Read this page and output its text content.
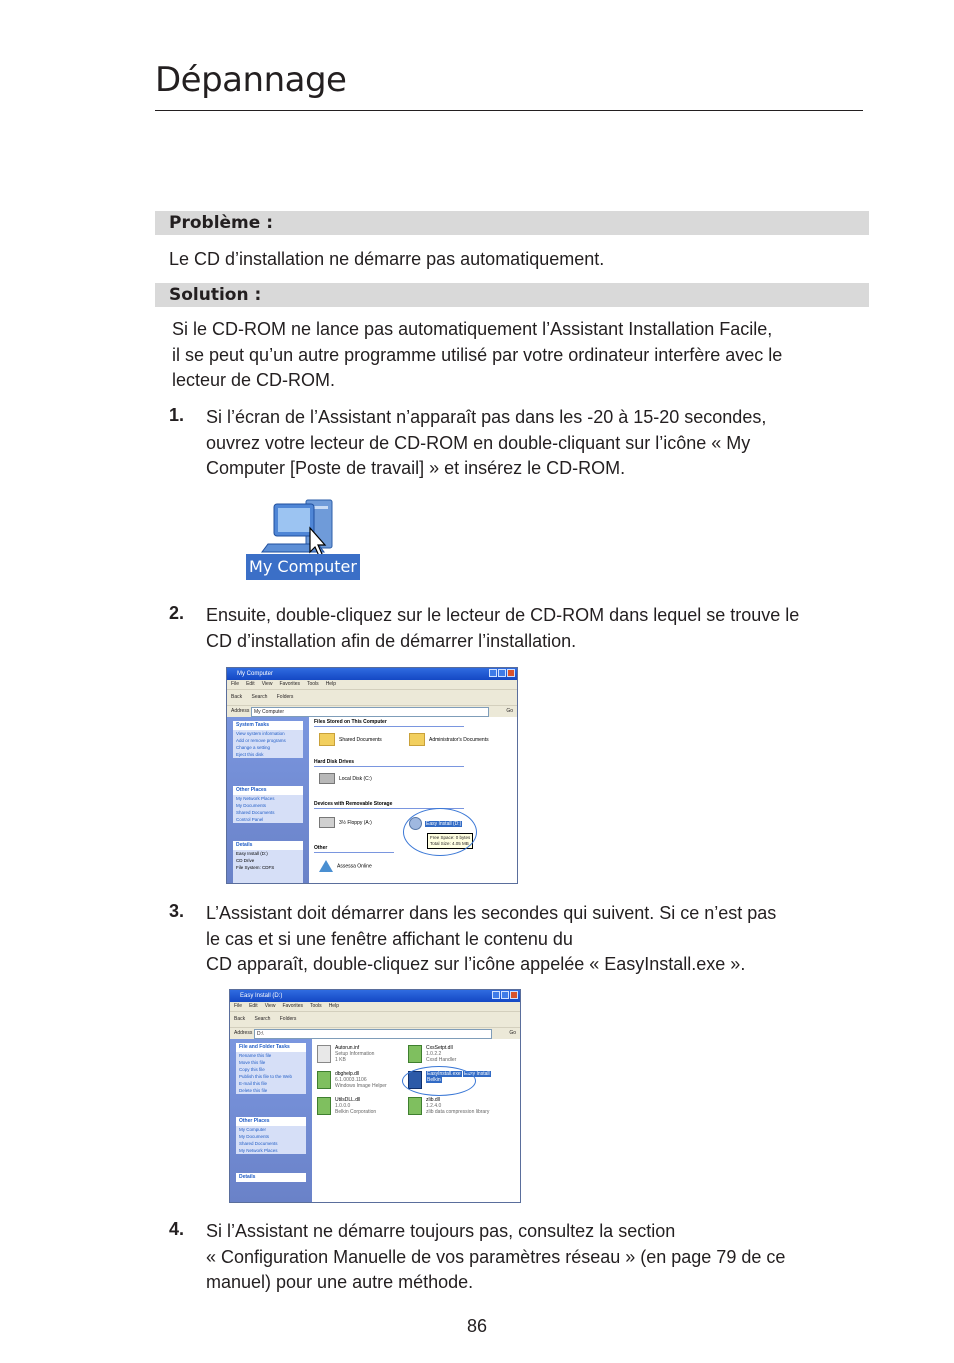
Dépannage
Problème :
Le CD d’installation ne démarre pas automatiquement.
Solution :
Si le CD-ROM ne lance pas automatiquement l’Assistant Installation Facile,
il se peut qu’un autre programme utilisé par votre ordinateur interfère avec le
lecteur de CD-ROM.
1. Si l’écran de l’Assistant n’apparaît pas dans les -20 à 15-20 secondes,
ouvrez votre lecteur de CD-ROM en double-cliquant sur l’icône « My
Computer [Poste de travail] » et insérez le CD-ROM.
My Computer
2. Ensuite, double-cliquez sur le lecteur de CD-ROM dans lequel se trouve le
CD d’installation afin de démarrer l’installation.
My Computer
File Edit View Favorites Tools Help
Back Search Folders
Address My Computer	Go
System Tasks
View system information
Add or remove programs
Change a setting
Eject this disk
Other Places
My Network Places
My Documents
Shared Documents
Control Panel
Details
Easy Install (D:)
CD Drive
File System: CDFS
Files Stored on This Computer
Shared Documents	Administrator's Documents
Hard Disk Drives
Local Disk (C:)
Devices with Removable Storage
3½ Floppy (A:)	Easy Install (D:)
Free Space: 0 bytes
Total Size: 4.05 MB
Other
Assessa Online
3. L’Assistant doit démarrer dans les secondes qui suivent. Si ce n’est pas
le cas et si une fenêtre affichant le contenu du
CD apparaît, double-cliquez sur l’icône appelée « EasyInstall.exe ».
Easy Install (D:)
File Edit View Favorites Tools Help
Back Search Folders
Address D:\	Go
File and Folder Tasks
Rename this file
Move this file
Copy this file
Publish this file to the Web
E-mail this file
Delete this file
Other Places
My Computer
My Documents
Shared Documents
My Network Places
Details
Autorun.inf
Setup Information
1 KB
CxsSetpt.dll
1.0.2.2
Cxsd Handler
dbghelp.dll
6.1.0003.1106
Windows Image Helper
EasyInstall.exe Easy Install
Belkin
UtilsDLL.dll
1.0.0.0
Belkin Corporation
zlib.dll
1.2.4.0
zlib data compression library
4. Si l’Assistant ne démarre toujours pas, consultez la section
« Configuration Manuelle de vos paramètres réseau » (en page 79 de ce
manuel) pour une autre méthode.
86
